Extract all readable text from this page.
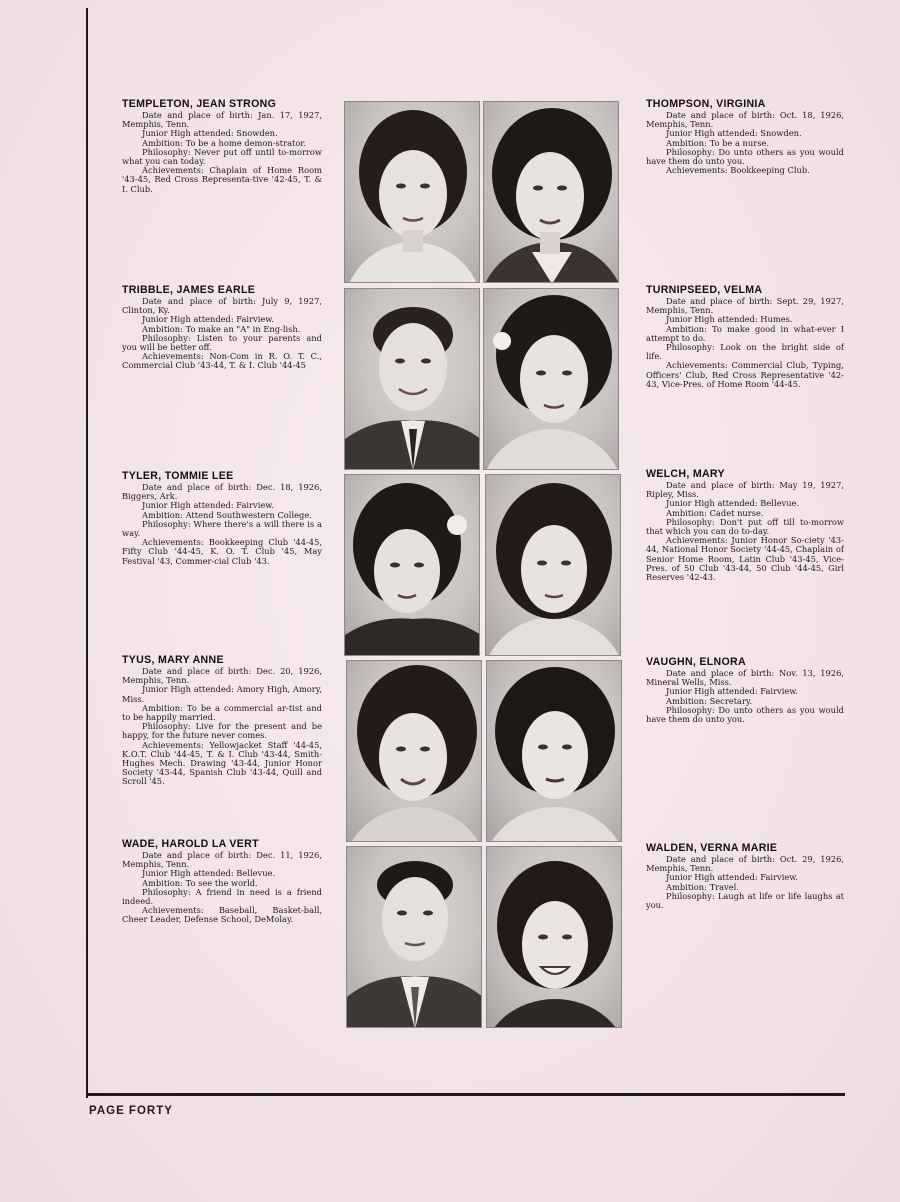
TEMPLETON, JEAN STRONG

Date and place of birth: Jan. 17, 1927, Memphis, Tenn.

Junior High attended: Snowden.

Ambition: To be a home demon-strator.

Philosophy: Never put off until to-morrow what you can today.

Achievements: Chaplain of Home Room '43-45, Red Cross Representa-tive '42-45, T. & I. Club.

TRIBBLE, JAMES EARLE

Date and place of birth: July 9, 1927, Clinton, Ky.

Junior High attended: Fairview.

Ambition: To make an "A" in Eng-lish.

Philosophy: Listen to your parents and you will be better off.

Achievements: Non-Com in R. O. T. C., Commercial Club '43-44, T. & I. Club '44-45

TYLER, TOMMIE LEE

Date and place of birth: Dec. 18, 1926, Biggers, Ark.

Junior High attended: Fairview.

Ambition: Attend Southwestern College.

Philosophy: Where there's a will there is a way.

Achievements: Bookkeeping Club '44-45, Fifty Club '44-45, K. O. T. Club '45, May Festival '43, Commer-cial Club '43.

TYUS, MARY ANNE

Date and place of birth: Dec. 20, 1926, Memphis, Tenn.

Junior High attended: Amory High, Amory, Miss.

Ambition: To be a commercial ar-tist and to be happily married.

Philosophy: Live for the present and be happy, for the future never comes.

Achievements: Yellowjacket Staff '44-45, K.O.T. Club '44-45, T. & I. Club '43-44, Smith-Hughes Mech. Drawing '43-44, Junior Honor Society '43-44, Spanish Club '43-44, Quill and Scroll '45.

WADE, HAROLD LA VERT

Date and place of birth: Dec. 11, 1926, Memphis, Tenn.

Junior High attended: Bellevue.

Ambition: To see the world.

Philosophy: A friend in need is a friend indeed.

Achievements: Baseball, Basket-ball, Cheer Leader, Defense School, DeMolay.

THOMPSON, VIRGINIA

Date and place of birth: Oct. 18, 1926, Memphis, Tenn.

Junior High attended: Snowden.

Ambition: To be a nurse.

Philosophy: Do unto others as you would have them do unto you.

Achievements: Bookkeeping Club.

TURNIPSEED, VELMA

Date and place of birth: Sept. 29, 1927, Memphis, Tenn.

Junior High attended: Humes.

Ambition: To make good in what-ever I attempt to do.

Philosophy: Look on the bright side of life.

Achievements: Commercial Club, Typing, Officers' Club, Red Cross Representative '42-43, Vice-Pres. of Home Room '44-45.

WELCH, MARY

Date and place of birth: May 19, 1927, Ripley, Miss.

Junior High attended: Bellevue.

Ambition: Cadet nurse.

Philosophy: Don't put off till to-morrow that which you can do to-day.

Achievements: Junior Honor So-ciety '43-44, National Honor Society '44-45, Chaplain of Senior Home Room, Latin Club '43-45, Vice-Pres. of 50 Club '43-44, 50 Club '44-45, Girl Reserves '42-43.

VAUGHN, ELNORA

Date and place of birth: Nov. 13, 1926, Mineral Wells, Miss.

Junior High attended: Fairview.

Ambition: Secretary.

Philosophy: Do unto others as you would have them do unto you.

WALDEN, VERNA MARIE

Date and place of birth: Oct. 29, 1926, Memphis, Tenn.

Junior High attended: Fairview.

Ambition: Travel.

Philosophy: Laugh at life or life laughs at you.

PAGE FORTY
